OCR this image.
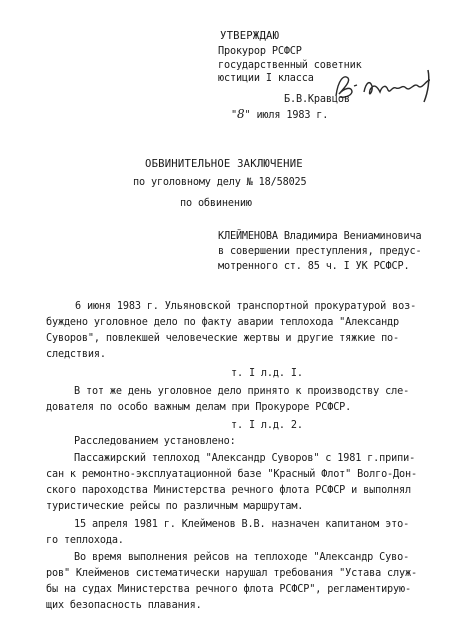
УТВЕРЖДАЮ
Прокурор РСФСР
государственный советник
юстиции I класса
Б.В.Кравцов
"8" июля 1983 г.
ОБВИНИТЕЛЬНОЕ ЗАКЛЮЧЕНИЕ
по уголовному делу № 18/58025
по обвинению
КЛЕЙМЕНОВА Владимира Вениаминовича
в совершении преступления, предус-
мотренного ст. 85 ч. I УК РСФСР.
6 июня 1983 г. Ульяновской транспортной прокуратурой воз-
буждено уголовное дело по факту аварии теплохода "Александр
Суворов", повлекшей человеческие жертвы и другие тяжкие по-
следствия.
т. I л.д. I.
В тот же день уголовное дело принято к производству сле-
дователя по особо важным делам при Прокуроре РСФСР.
т. I л.д. 2.
Расследованием установлено:
Пассажирский теплоход "Александр Суворов" с 1981 г.припи-
сан к ремонтно-эксплуатационной базе "Красный Флот" Волго-Дон-
ского пароходства Министерства речного флота РСФСР и выполнял
туристические рейсы по различным маршрутам.
15 апреля 1981 г. Клейменов В.В. назначен капитаном это-
го теплохода.
Во время выполнения рейсов на теплоходе "Александр Суво-
ров" Клейменов систематически нарушал требования "Устава служ-
бы на судах Министерства речного флота РСФСР", регламентирую-
щих безопасность плавания.
